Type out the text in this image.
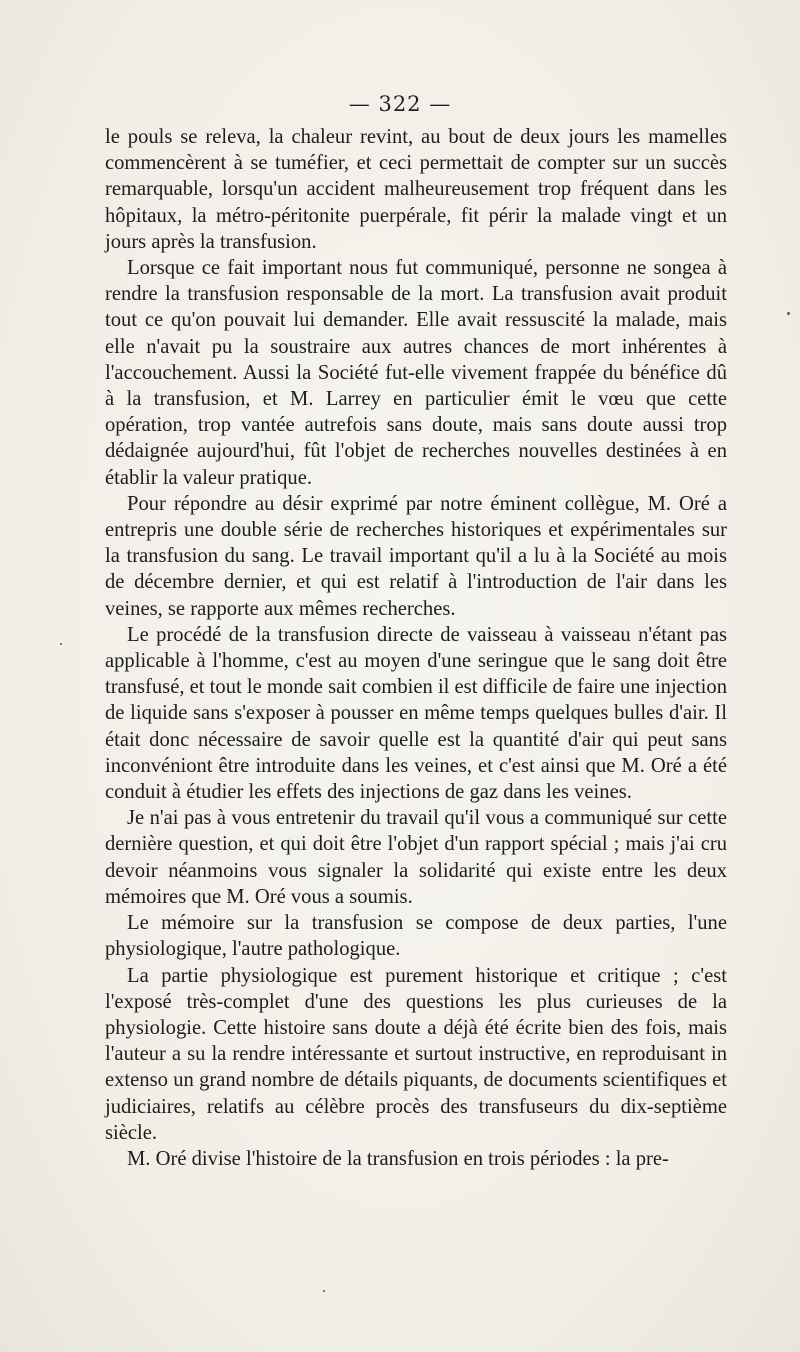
— 322 —

le pouls se releva, la chaleur revint, au bout de deux jours les mamelles commencèrent à se tuméfier, et ceci permettait de compter sur un succès remarquable, lorsqu'un accident malheureusement trop fréquent dans les hôpitaux, la métro-péritonite puerpérale, fit périr la malade vingt et un jours après la transfusion.

Lorsque ce fait important nous fut communiqué, personne ne songea à rendre la transfusion responsable de la mort. La transfusion avait produit tout ce qu'on pouvait lui demander. Elle avait ressuscité la malade, mais elle n'avait pu la soustraire aux autres chances de mort inhérentes à l'accouchement. Aussi la Société fut-elle vivement frappée du bénéfice dû à la transfusion, et M. Larrey en particulier émit le vœu que cette opération, trop vantée autrefois sans doute, mais sans doute aussi trop dédaignée aujourd'hui, fût l'objet de recherches nouvelles destinées à en établir la valeur pratique.

Pour répondre au désir exprimé par notre éminent collègue, M. Oré a entrepris une double série de recherches historiques et expérimentales sur la transfusion du sang. Le travail important qu'il a lu à la Société au mois de décembre dernier, et qui est relatif à l'introduction de l'air dans les veines, se rapporte aux mêmes recherches.

Le procédé de la transfusion directe de vaisseau à vaisseau n'étant pas applicable à l'homme, c'est au moyen d'une seringue que le sang doit être transfusé, et tout le monde sait combien il est difficile de faire une injection de liquide sans s'exposer à pousser en même temps quelques bulles d'air. Il était donc nécessaire de savoir quelle est la quantité d'air qui peut sans inconvéniont être introduite dans les veines, et c'est ainsi que M. Oré a été conduit à étudier les effets des injections de gaz dans les veines.

Je n'ai pas à vous entretenir du travail qu'il vous a communiqué sur cette dernière question, et qui doit être l'objet d'un rapport spécial ; mais j'ai cru devoir néanmoins vous signaler la solidarité qui existe entre les deux mémoires que M. Oré vous a soumis.

Le mémoire sur la transfusion se compose de deux parties, l'une physiologique, l'autre pathologique.

La partie physiologique est purement historique et critique ; c'est l'exposé très-complet d'une des questions les plus curieuses de la physiologie. Cette histoire sans doute a déjà été écrite bien des fois, mais l'auteur a su la rendre intéressante et surtout instructive, en reproduisant in extenso un grand nombre de détails piquants, de documents scientifiques et judiciaires, relatifs au célèbre procès des transfuseurs du dix-septième siècle.

M. Oré divise l'histoire de la transfusion en trois périodes : la pre-
